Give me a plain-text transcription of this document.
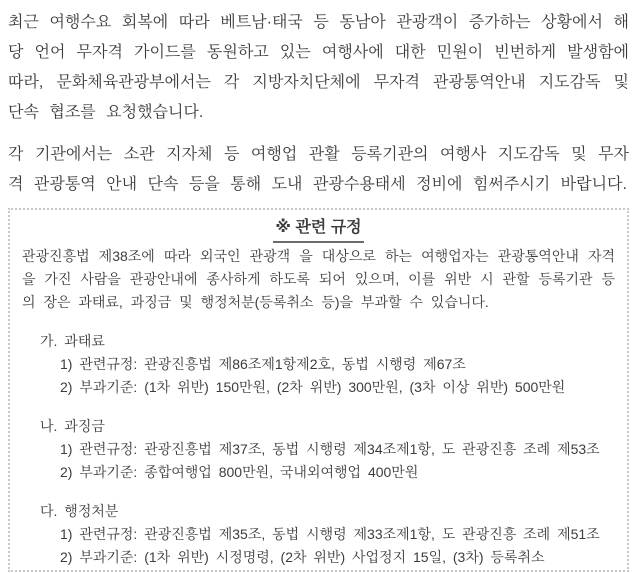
최근 여행수요 회복에 따라 베트남·태국 등 동남아 관광객이 증가하는 상황에서 해당 언어 무자격 가이드를 동원하고 있는 여행사에 대한 민원이 빈번하게 발생함에 따라, 문화체육관광부에서는 각 지방자치단체에 무자격 관광통역안내 지도감독 및 단속 협조를 요청했습니다.

각 기관에서는 소관 지자체 등 여행업 관활 등록기관의 여행사 지도감독 및 무자격 관광통역 안내 단속 등을 통해 도내 관광수용태세 정비에 힘써주시기 바랍니다.

※ 관련 규정

관광진흥법 제38조에 따라 외국인 관광객 을 대상으로 하는 여행업자는 관광통역안내 자격을 가진 사람을 관광안내에 종사하게 하도록 되어 있으며, 이를 위반 시 관할 등록기관 등의 장은 과태료, 과징금 및 행정처분(등록취소 등)을 부과할 수 있습니다.

가. 과태료

1) 관련규정: 관광진흥법 제86조제1항제2호, 동법 시행령 제67조

2) 부과기준: (1차 위반) 150만원, (2차 위반) 300만원, (3차 이상 위반) 500만원

나. 과징금

1) 관련규정: 관광진흥법 제37조, 동법 시행령 제34조제1항, 도 관광진흥 조례 제53조

2) 부과기준: 종합여행업 800만원, 국내외여행업 400만원

다. 행정처분

1) 관련규정: 관광진흥법 제35조, 동법 시행령 제33조제1항, 도 관광진흥 조례 제51조

2) 부과기준: (1차 위반) 시정명령, (2차 위반) 사업정지 15일, (3차) 등록취소
